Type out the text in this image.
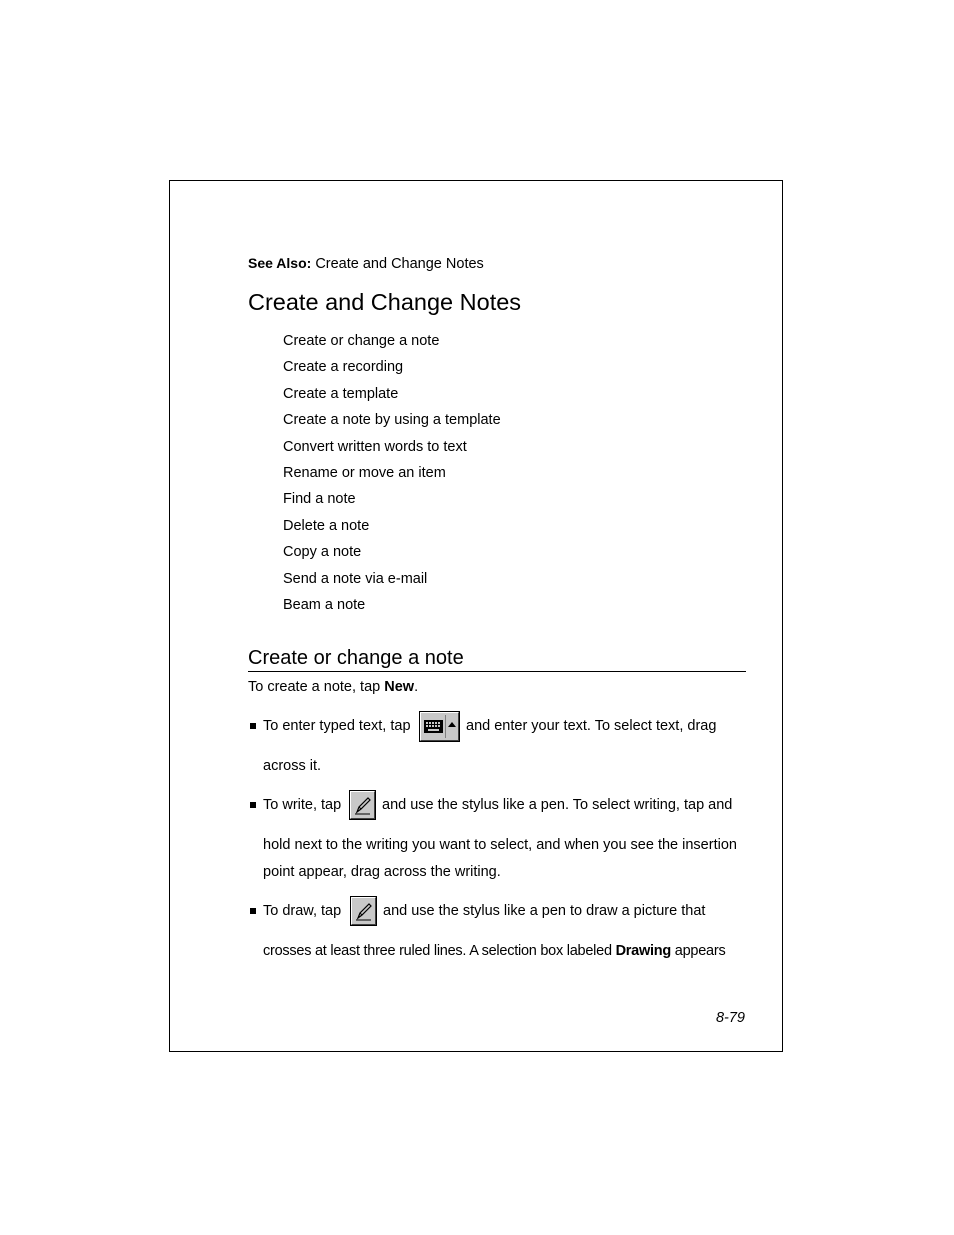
See Also: Create and Change Notes
Create and Change Notes
Create or change a note
Create a recording
Create a template
Create a note by using a template
Convert written words to text
Rename or move an item
Find a note
Delete a note
Copy a note
Send a note via e-mail
Beam a note
Create or change a note
To create a note, tap New.
To enter typed text, tap	and enter your text. To select text, drag
across it.
To write, tap	and use the stylus like a pen. To select writing, tap and
hold next to the writing you want to select, and when you see the insertion
point appear, drag across the writing.
To draw, tap	and use the stylus like a pen to draw a picture that
crosses at least three ruled lines. A selection box labeled Drawing appears
8-79
